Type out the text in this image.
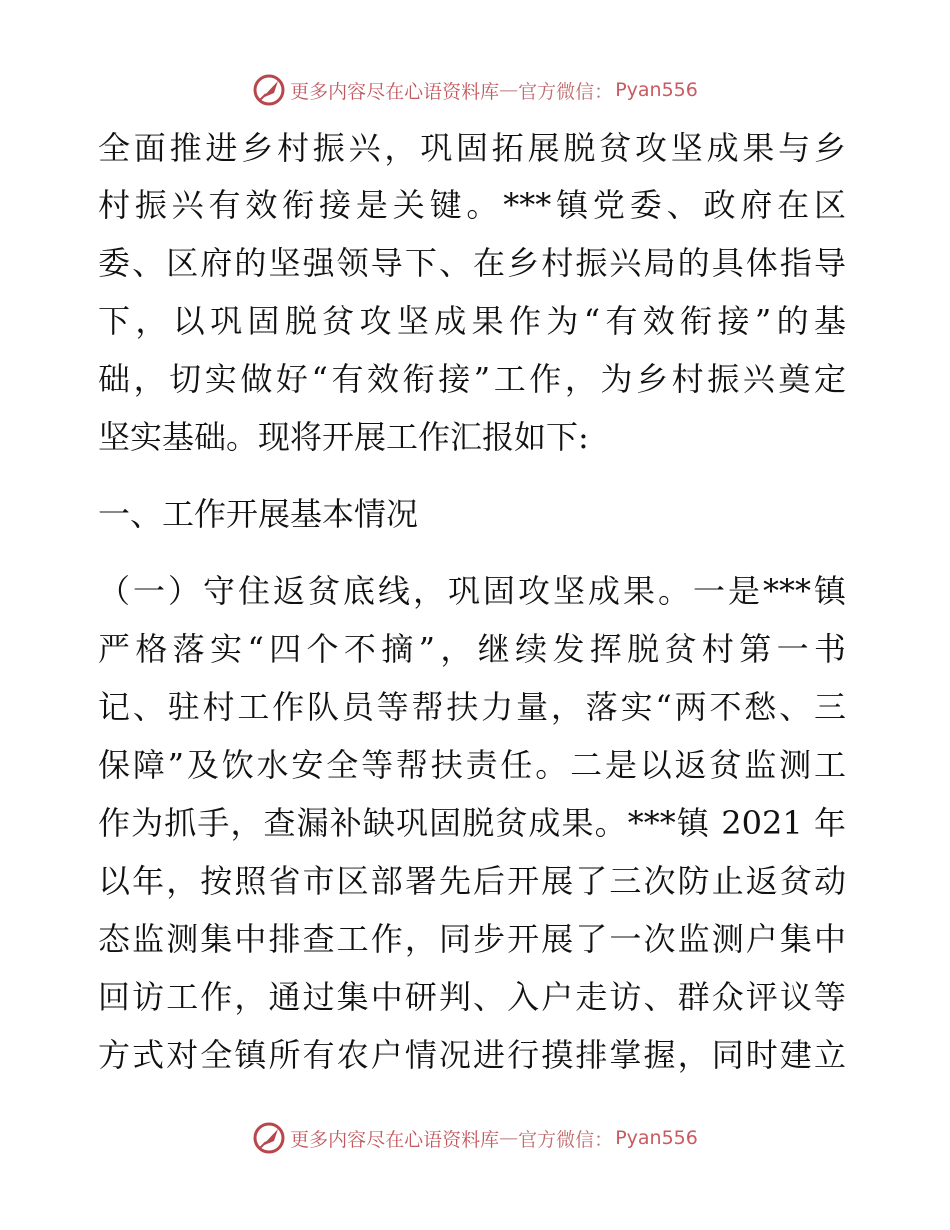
更多内容尽在心语资料库 — 官方微信： Pyan556
全面推进乡村振兴，巩固拓展脱贫攻坚成果与乡
村振兴有效衔接是关键。***镇党委、政府在区
委、区府的坚强领导下、在乡村振兴局的具体指导
下，以巩固脱贫攻坚成果作为“有效衔接”的基
础，切实做好“有效衔接”工作，为乡村振兴奠定
坚实基础。现将开展工作汇报如下:
一、工作开展基本情况
（一）守住返贫底线，巩固攻坚成果。一是***镇
严格落实“四个不摘”，继续发挥脱贫村第一书
记、驻村工作队员等帮扶力量，落实“两不愁、三
保障”及饮水安全等帮扶责任。二是以返贫监测工
作为抓手，查漏补缺巩固脱贫成果。***镇 2021 年
以年，按照省市区部署先后开展了三次防止返贫动
态监测集中排查工作，同步开展了一次监测户集中
回访工作，通过集中研判、入户走访、群众评议等
方式对全镇所有农户情况进行摸排掌握，同时建立
更多内容尽在心语资料库 — 官方微信： Pyan556
